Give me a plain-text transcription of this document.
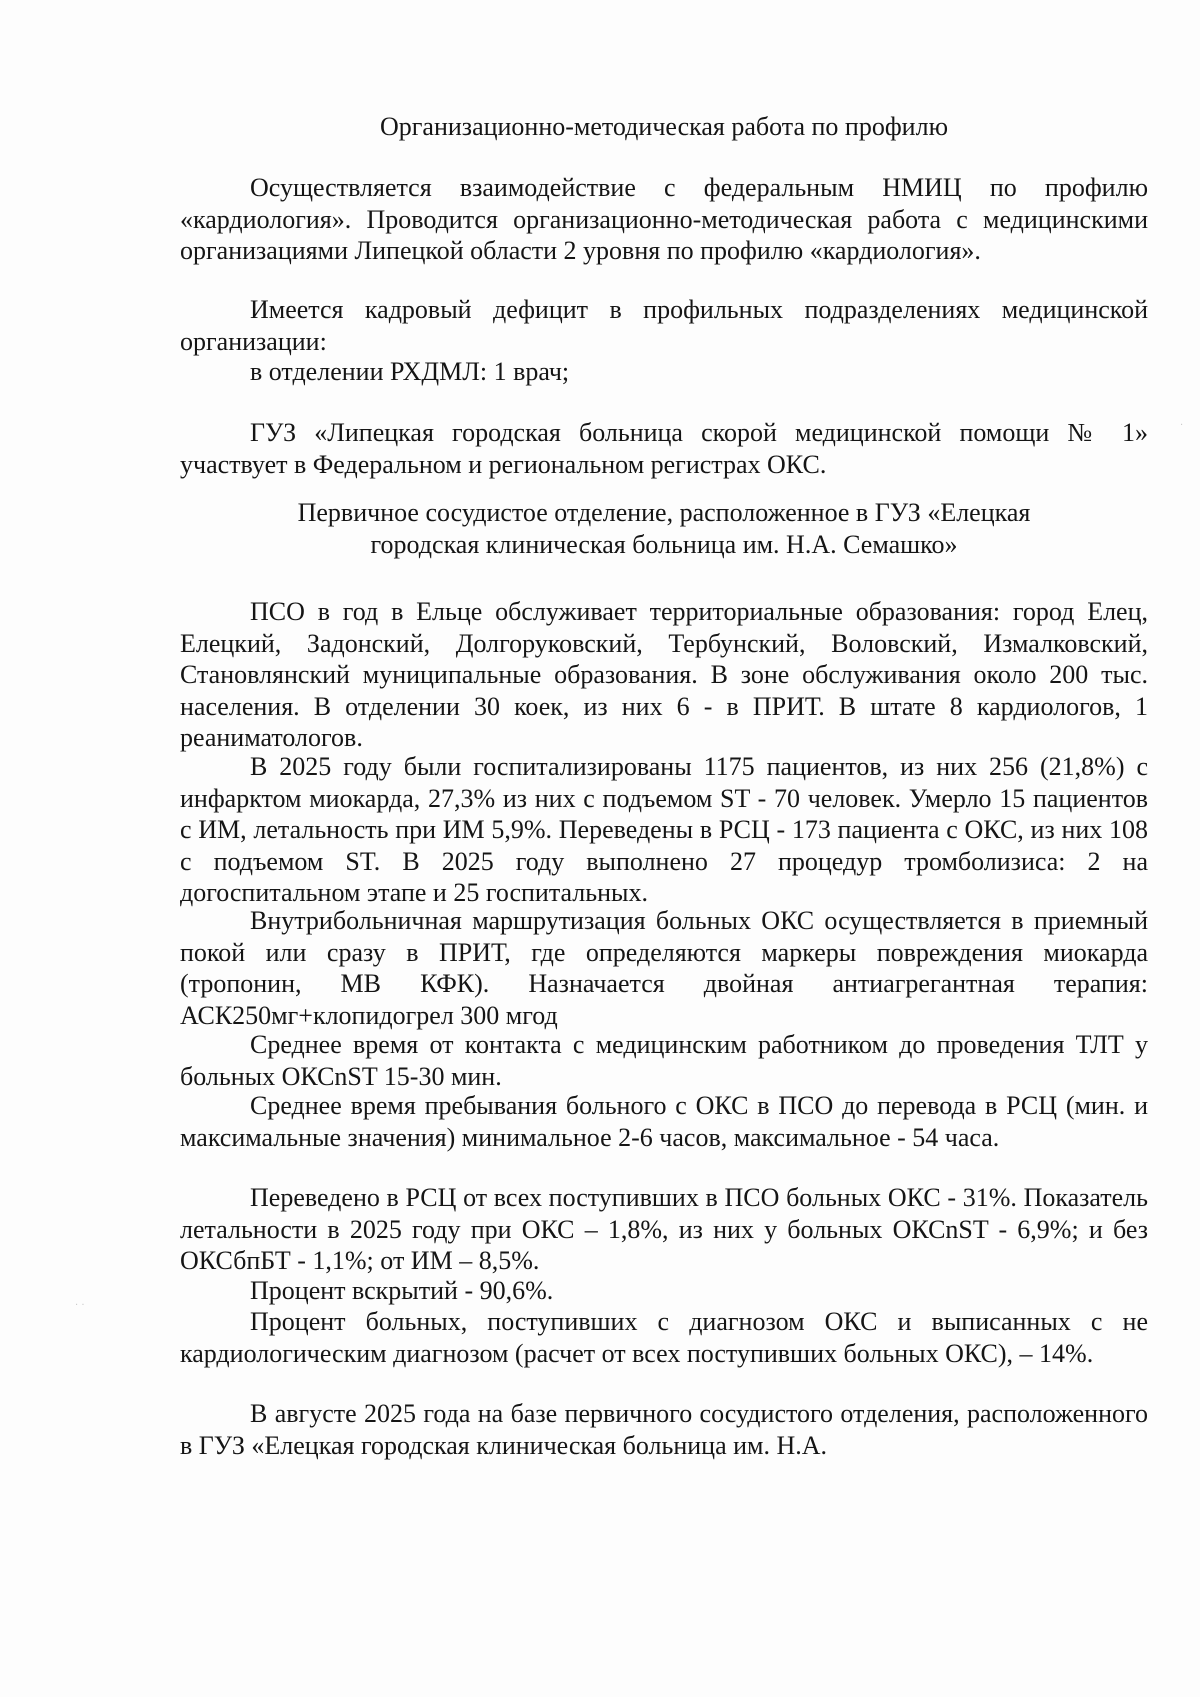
Организационно-методическая работа по профилю

Осуществляется взаимодействие с федеральным НМИЦ по профилю «кардиология». Проводится организационно-методическая работа с медицинскими организациями Липецкой области 2 уровня по профилю «кардиология».

Имеется кадровый дефицит в профильных подразделениях медицинской организации:

в отделении РХДМЛ: 1 врач;

ГУЗ «Липецкая городская больница скорой медицинской помощи № 1» участвует в Федеральном и региональном регистрах ОКС.

Первичное сосудистое отделение, расположенное в ГУЗ «Елецкая
городская клиническая больница им. Н.А. Семашко»

ПСО в год в Ельце обслуживает территориальные образования: город Елец, Елецкий, Задонский, Долгоруковский, Тербунский, Воловский, Измалковский, Становлянский муниципальные образования. В зоне обслуживания около 200 тыс. населения. В отделении 30 коек, из них 6 - в ПРИТ. В штате 8 кардиологов, 1 реаниматологов.

В 2025 году были госпитализированы 1175 пациентов, из них 256 (21,8%) с инфарктом миокарда, 27,3% из них с подъемом ST - 70 человек. Умерло 15 пациентов с ИМ, летальность при ИМ 5,9%. Переведены в РСЦ - 173 пациента с ОКС, из них 108 с подъемом ST. В 2025 году выполнено 27 процедур тромболизиса: 2 на догоспитальном этапе и 25 госпитальных.

Внутрибольничная маршрутизация больных ОКС осуществляется в приемный покой или сразу в ПРИТ, где определяются маркеры повреждения миокарда (тропонин, МВ КФК). Назначается двойная антиагрегантная терапия: АСК250мг+клопидогрел 300 мгод

Среднее время от контакта с медицинским работником до проведения ТЛТ у больных ОКСnST 15-30 мин.

Среднее время пребывания больного с ОКС в ПСО до перевода в РСЦ (мин. и максимальные значения) минимальное 2-6 часов, максимальное - 54 часа.

Переведено в РСЦ от всех поступивших в ПСО больных ОКС - 31%. Показатель летальности в 2025 году при ОКС – 1,8%, из них у больных ОКСnST - 6,9%; и без ОКСбпБТ - 1,1%; от ИМ – 8,5%.

Процент вскрытий - 90,6%.

Процент больных, поступивших с диагнозом ОКС и выписанных с не кардиологическим диагнозом (расчет от всех поступивших больных ОКС), – 14%.

В августе 2025 года на базе первичного сосудистого отделения, расположенного в ГУЗ «Елецкая городская клиническая больница им. Н.А.

·
· ·
